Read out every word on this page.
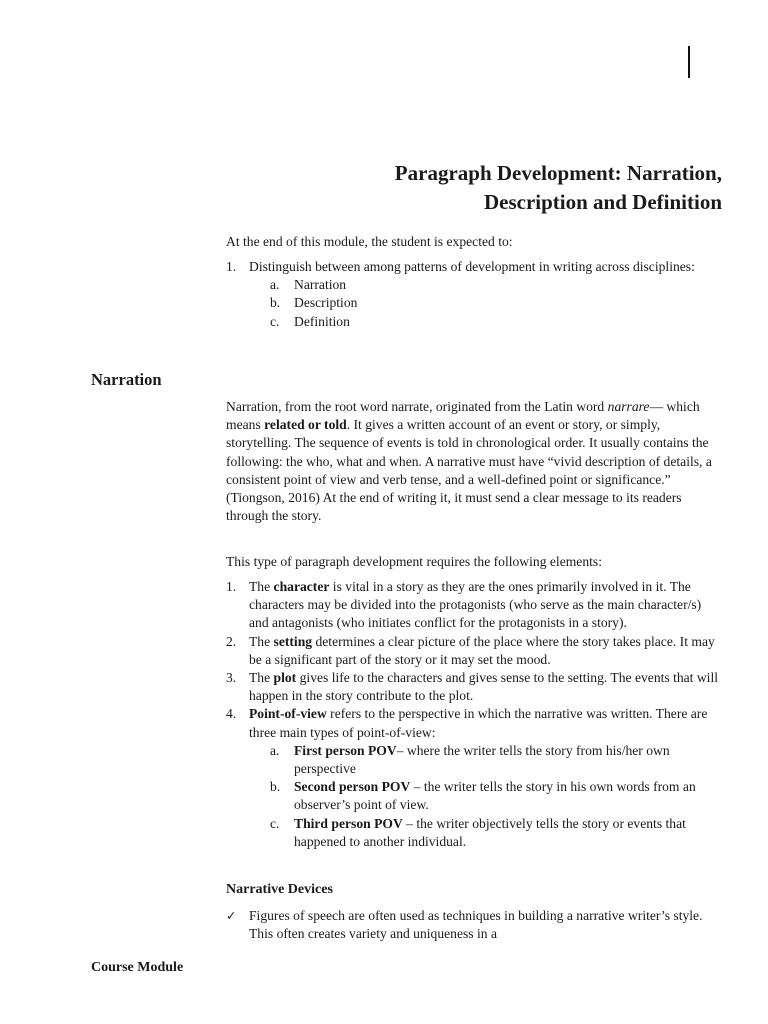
Paragraph Development: Narration,
Description and Definition

At the end of this module, the student is expected to:

1. Distinguish between among patterns of development in writing across disciplines:
a. Narration
b. Description
c. Definition
Narration

Narration, from the root word narrate, originated from the Latin word narrare— which means related or told. It gives a written account of an event or story, or simply, storytelling. The sequence of events is told in chronological order. It usually contains the following: the who, what and when. A narrative must have “vivid description of details, a consistent point of view and verb tense, and a well-defined point or significance.” (Tiongson, 2016) At the end of writing it, it must send a clear message to its readers through the story.

This type of paragraph development requires the following elements:

1. The character is vital in a story as they are the ones primarily involved in it. The characters may be divided into the protagonists (who serve as the main character/s) and antagonists (who initiates conflict for the protagonists in a story).
2. The setting determines a clear picture of the place where the story takes place. It may be a significant part of the story or it may set the mood.
3. The plot gives life to the characters and gives sense to the setting. The events that will happen in the story contribute to the plot.
4. Point-of-view refers to the perspective in which the narrative was written. There are three main types of point-of-view:
a. First person POV– where the writer tells the story from his/her own perspective
b. Second person POV – the writer tells the story in his own words from an observer’s point of view.
c. Third person POV – the writer objectively tells the story or events that happened to another individual.
Narrative Devices
✓ Figures of speech are often used as techniques in building a narrative writer’s style. This often creates variety and uniqueness in a

Course Module
